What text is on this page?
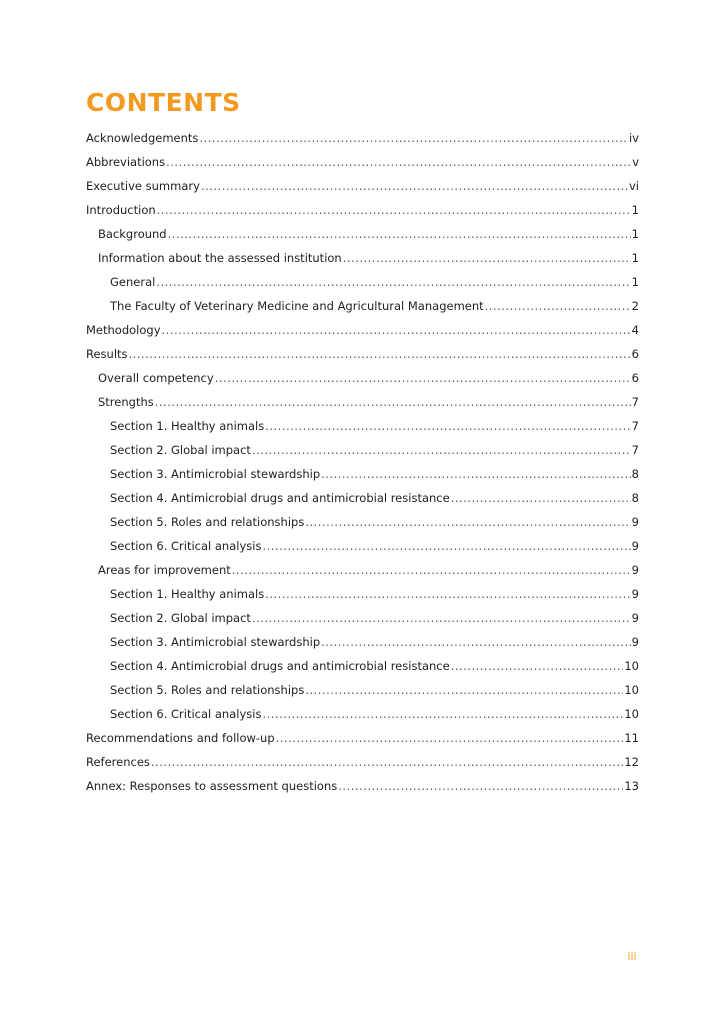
CONTENTS
Acknowledgements .....	iv
Abbreviations .....	v
Executive summary .....	vi
Introduction .....	1
Background .....	1
Information about the assessed institution .....	1
General .....	1
The Faculty of Veterinary Medicine and Agricultural Management .....	2
Methodology .....	4
Results .....	6
Overall competency .....	6
Strengths .....	7
Section 1. Healthy animals .....	7
Section 2. Global impact .....	7
Section 3. Antimicrobial stewardship .....	8
Section 4. Antimicrobial drugs and antimicrobial resistance .....	8
Section 5. Roles and relationships .....	9
Section 6. Critical analysis .....	9
Areas for improvement .....	9
Section 1. Healthy animals .....	9
Section 2. Global impact .....	9
Section 3. Antimicrobial stewardship .....	9
Section 4. Antimicrobial drugs and antimicrobial resistance .....	10
Section 5. Roles and relationships .....	10
Section 6. Critical analysis .....	10
Recommendations and follow-up .....	11
References .....	12
Annex: Responses to assessment questions .....	13
iii
